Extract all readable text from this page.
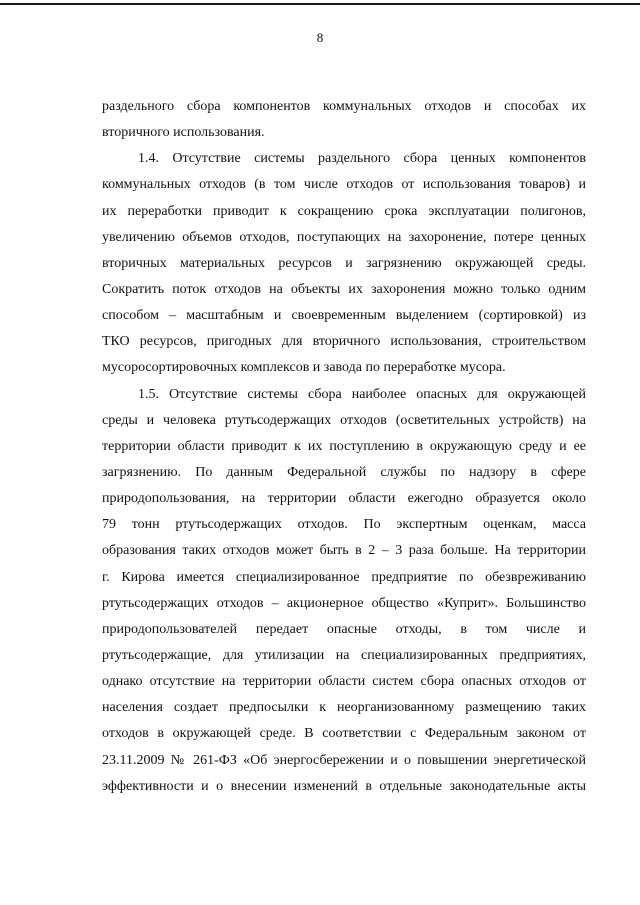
8
раздельного сбора компонентов коммунальных отходов и способах их
вторичного использования.
1.4. Отсутствие системы раздельного сбора ценных компонентов
коммунальных отходов (в том числе отходов от использования товаров) и
их переработки приводит к сокращению срока эксплуатации полигонов,
увеличению объемов отходов, поступающих на захоронение, потере ценных
вторичных материальных ресурсов и загрязнению окружающей среды.
Сократить поток отходов на объекты их захоронения можно только одним
способом – масштабным и своевременным выделением (сортировкой) из
ТКО ресурсов, пригодных для вторичного использования, строительством
мусоросортировочных комплексов и завода по переработке мусора.
1.5. Отсутствие системы сбора наиболее опасных для окружающей
среды и человека ртутьсодержащих отходов (осветительных устройств) на
территории области приводит к их поступлению в окружающую среду и ее
загрязнению. По данным Федеральной службы по надзору в сфере
природопользования, на территории области ежегодно образуется около
79 тонн ртутьсодержащих отходов. По экспертным оценкам, масса
образования таких отходов может быть в 2 – 3 раза больше. На территории
г. Кирова имеется специализированное предприятие по обезвреживанию
ртутьсодержащих отходов – акционерное общество «Куприт». Большинство
природопользователей передает опасные отходы, в том числе и
ртутьсодержащие, для утилизации на специализированных предприятиях,
однако отсутствие на территории области систем сбора опасных отходов от
населения создает предпосылки к неорганизованному размещению таких
отходов в окружающей среде. В соответствии с Федеральным законом от
23.11.2009 № 261-ФЗ «Об энергосбережении и о повышении энергетической
эффективности и о внесении изменений в отдельные законодательные акты
